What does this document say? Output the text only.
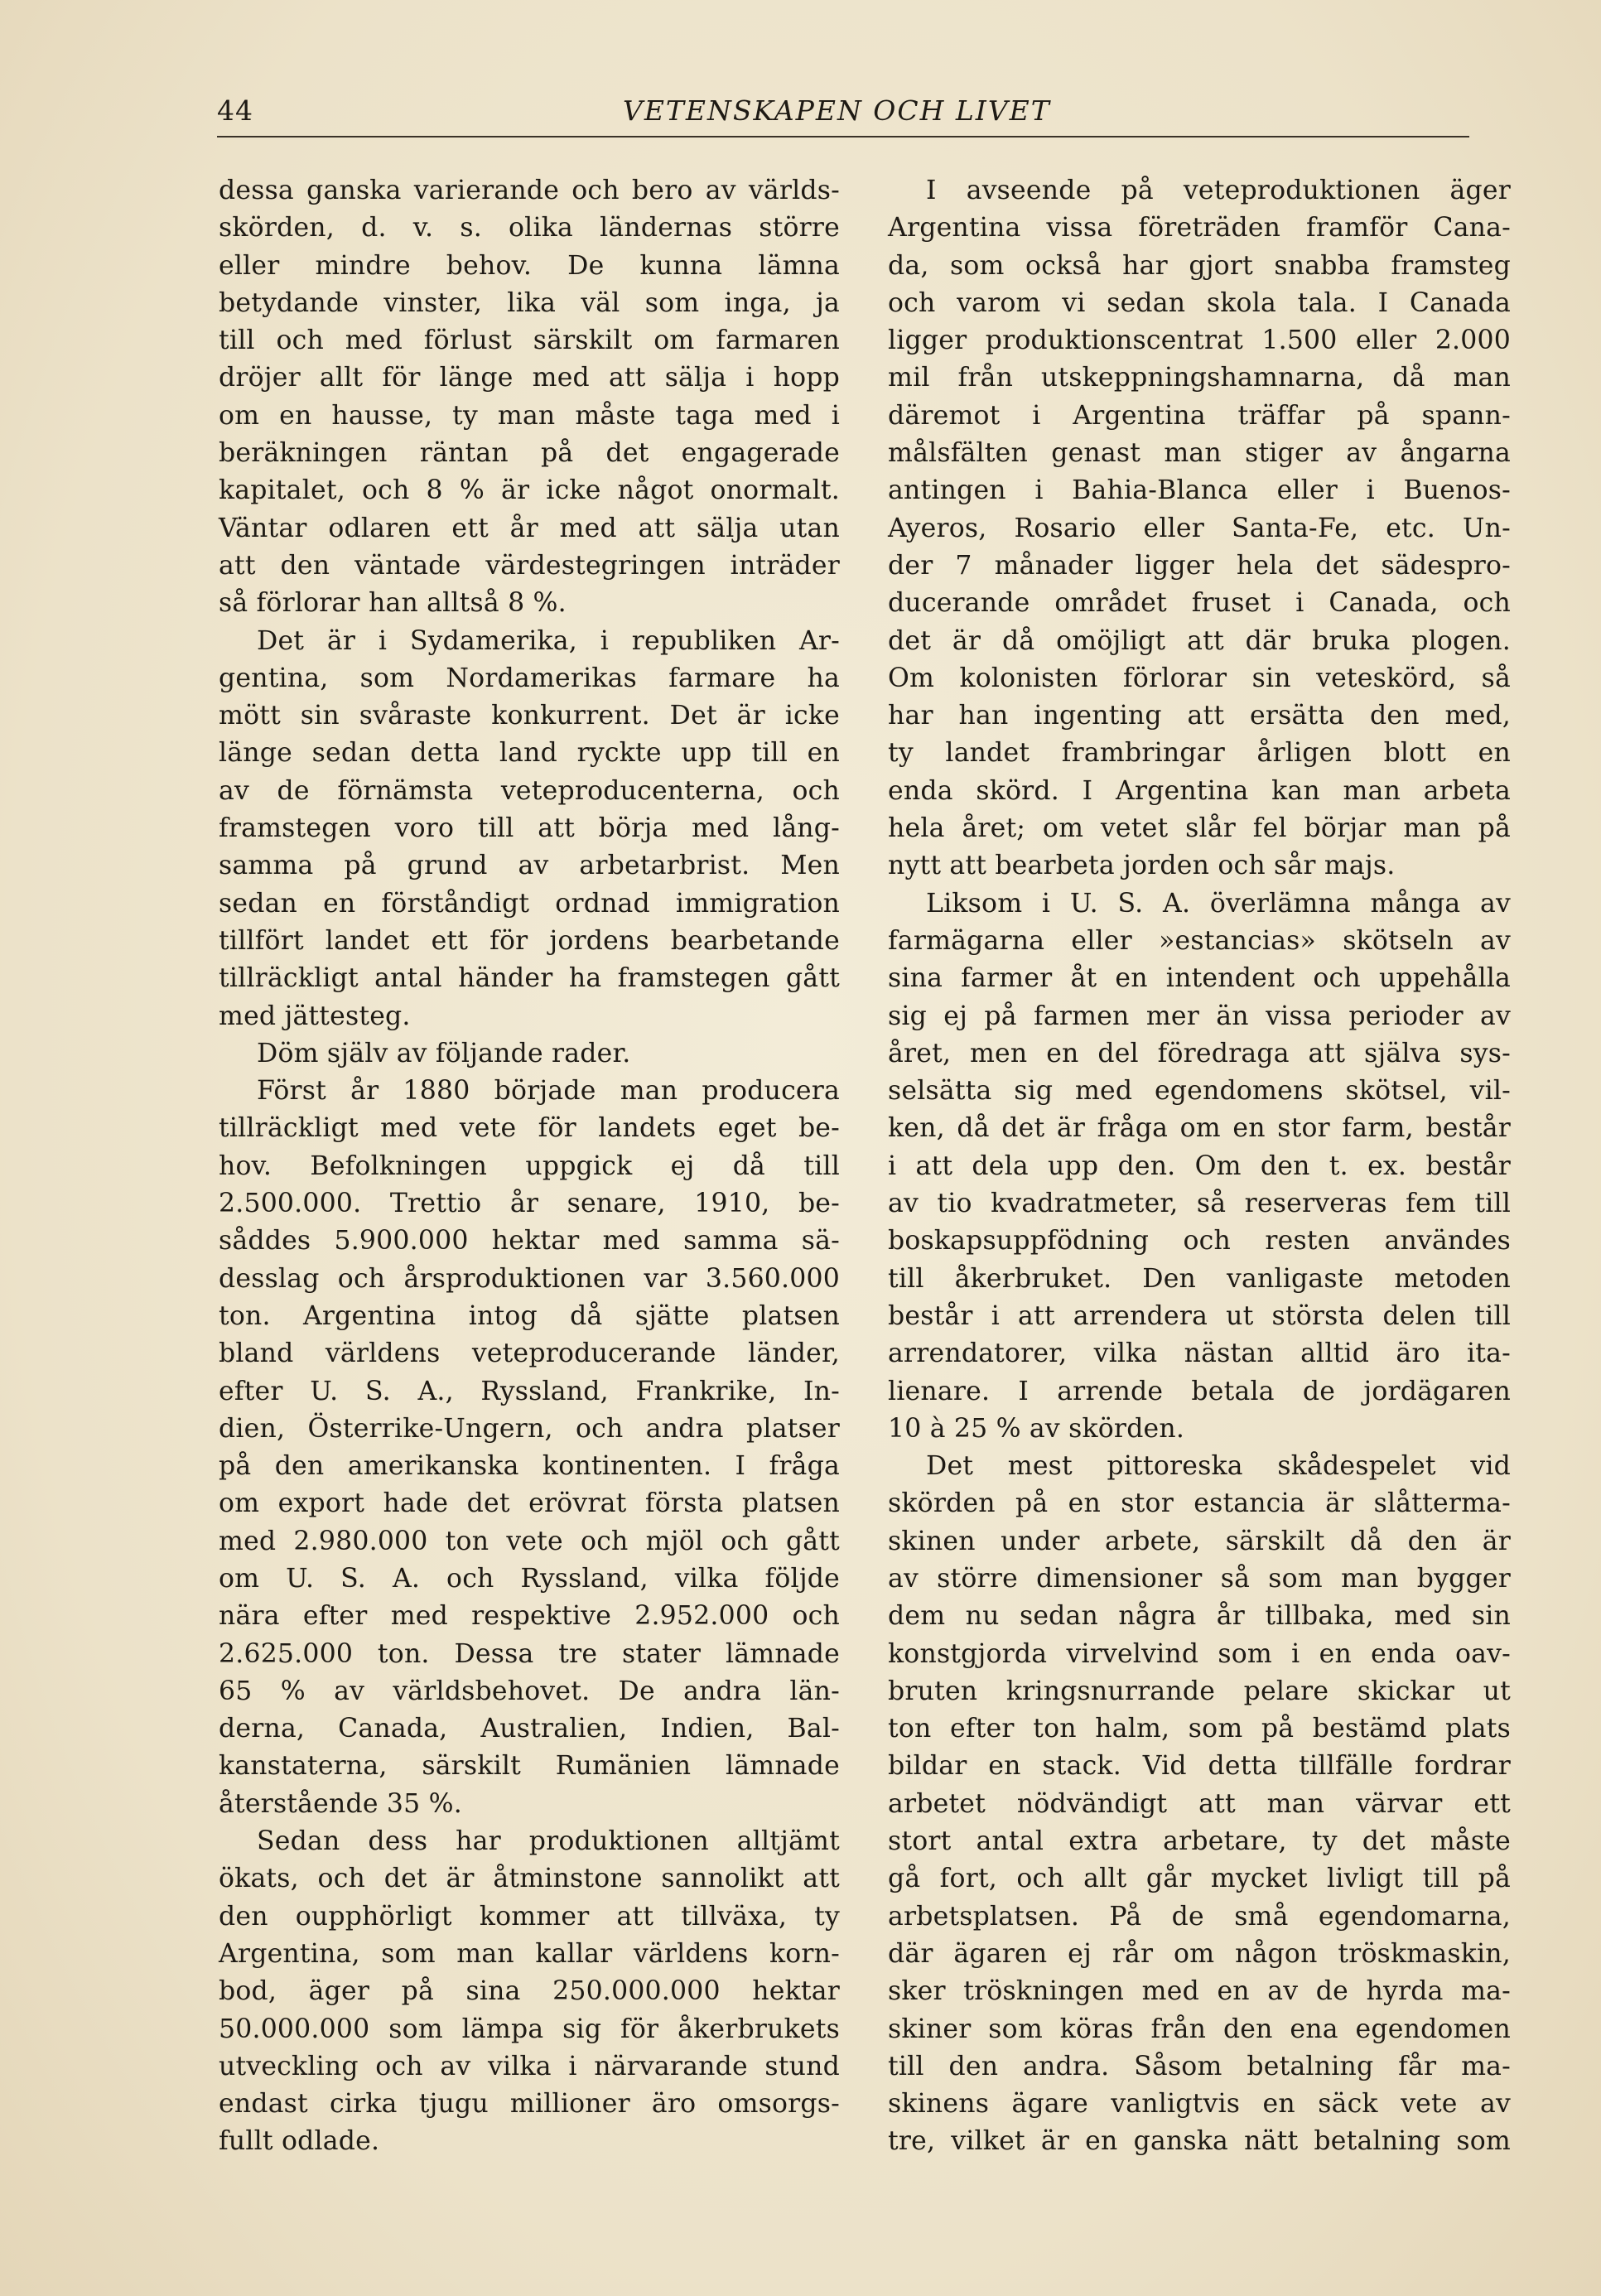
44	VETENSKAPEN OCH LIVET
dessa ganska varierande och bero av världs-
skörden, d. v. s. olika ländernas större
eller mindre behov. De kunna lämna
betydande vinster, lika väl som inga, ja
till och med förlust särskilt om farmaren
dröjer allt för länge med att sälja i hopp
om en hausse, ty man måste taga med i
beräkningen räntan på det engagerade
kapitalet, och 8 % är icke något onormalt.
Väntar odlaren ett år med att sälja utan
att den väntade värdestegringen inträder
så förlorar han alltså 8 %.
Det är i Sydamerika, i republiken Ar-
gentina, som Nordamerikas farmare ha
mött sin svåraste konkurrent. Det är icke
länge sedan detta land ryckte upp till en
av de förnämsta veteproducenterna, och
framstegen voro till att börja med lång-
samma på grund av arbetarbrist. Men
sedan en förståndigt ordnad immigration
tillfört landet ett för jordens bearbetande
tillräckligt antal händer ha framstegen gått
med jättesteg.
Döm själv av följande rader.
Först år 1880 började man producera
tillräckligt med vete för landets eget be-
hov. Befolkningen uppgick ej då till
2.500.000. Trettio år senare, 1910, be-
såddes 5.900.000 hektar med samma sä-
desslag och årsproduktionen var 3.560.000
ton. Argentina intog då sjätte platsen
bland världens veteproducerande länder,
efter U. S. A., Ryssland, Frankrike, In-
dien, Österrike-Ungern, och andra platser
på den amerikanska kontinenten. I fråga
om export hade det erövrat första platsen
med 2.980.000 ton vete och mjöl och gått
om U. S. A. och Ryssland, vilka följde
nära efter med respektive 2.952.000 och
2.625.000 ton. Dessa tre stater lämnade
65 % av världsbehovet. De andra län-
derna, Canada, Australien, Indien, Bal-
kanstaterna, särskilt Rumänien lämnade
återstående 35 %.
Sedan dess har produktionen alltjämt
ökats, och det är åtminstone sannolikt att
den oupphörligt kommer att tillväxa, ty
Argentina, som man kallar världens korn-
bod, äger på sina 250.000.000 hektar
50.000.000 som lämpa sig för åkerbrukets
utveckling och av vilka i närvarande stund
endast cirka tjugu millioner äro omsorgs-
fullt odlade.
I avseende på veteproduktionen äger
Argentina vissa företräden framför Cana-
da, som också har gjort snabba framsteg
och varom vi sedan skola tala. I Canada
ligger produktionscentrat 1.500 eller 2.000
mil från utskeppningshamnarna, då man
däremot i Argentina träffar på spann-
målsfälten genast man stiger av ångarna
antingen i Bahia-Blanca eller i Buenos-
Ayeros, Rosario eller Santa-Fe, etc. Un-
der 7 månader ligger hela det sädespro-
ducerande området fruset i Canada, och
det är då omöjligt att där bruka plogen.
Om kolonisten förlorar sin veteskörd, så
har han ingenting att ersätta den med,
ty landet frambringar årligen blott en
enda skörd. I Argentina kan man arbeta
hela året; om vetet slår fel börjar man på
nytt att bearbeta jorden och sår majs.
Liksom i U. S. A. överlämna många av
farmägarna eller »estancias» skötseln av
sina farmer åt en intendent och uppehålla
sig ej på farmen mer än vissa perioder av
året, men en del föredraga att själva sys-
selsätta sig med egendomens skötsel, vil-
ken, då det är fråga om en stor farm, består
i att dela upp den. Om den t. ex. består
av tio kvadratmeter, så reserveras fem till
boskapsuppfödning och resten användes
till åkerbruket. Den vanligaste metoden
består i att arrendera ut största delen till
arrendatorer, vilka nästan alltid äro ita-
lienare. I arrende betala de jordägaren
10 à 25 % av skörden.
Det mest pittoreska skådespelet vid
skörden på en stor estancia är slåtterma-
skinen under arbete, särskilt då den är
av större dimensioner så som man bygger
dem nu sedan några år tillbaka, med sin
konstgjorda virvelvind som i en enda oav-
bruten kringsnurrande pelare skickar ut
ton efter ton halm, som på bestämd plats
bildar en stack. Vid detta tillfälle fordrar
arbetet nödvändigt att man värvar ett
stort antal extra arbetare, ty det måste
gå fort, och allt går mycket livligt till på
arbetsplatsen. På de små egendomarna,
där ägaren ej rår om någon tröskmaskin,
sker tröskningen med en av de hyrda ma-
skiner som köras från den ena egendomen
till den andra. Såsom betalning får ma-
skinens ägare vanligtvis en säck vete av
tre, vilket är en ganska nätt betalning som
